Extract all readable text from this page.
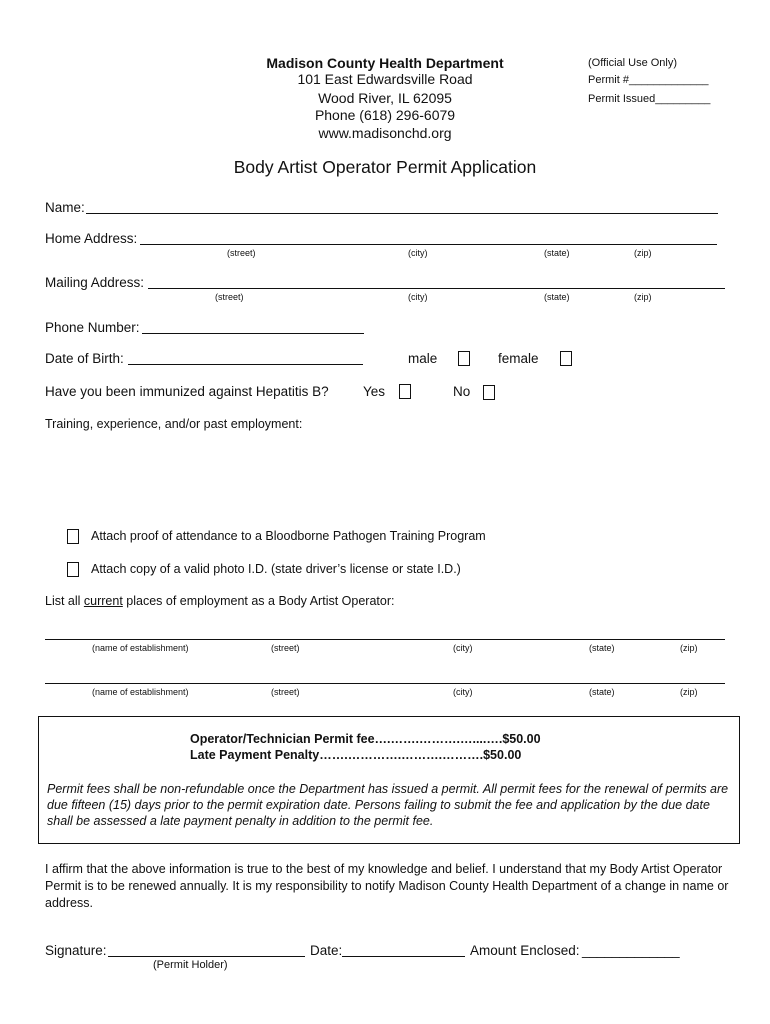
Madison County Health Department
101 East Edwardsville Road
Wood River, IL 62095
Phone (618) 296-6079
www.madisonchd.org
(Official Use Only)
Permit #_____________
Permit Issued_________
Body Artist Operator Permit Application
Name:
Home Address:
(street)	(city)	(state)	(zip)
Mailing Address:
(street)	(city)	(state)	(zip)
Phone Number:
Date of Birth:	male	female
Have you been immunized against Hepatitis B?	Yes	No
Training, experience, and/or past employment:
Attach proof of attendance to a Bloodborne Pathogen Training Program
Attach copy of a valid photo I.D. (state driver’s license or state I.D.)
List all current places of employment as a Body Artist Operator:
(name of establishment)	(street)	(city)	(state)	(zip)
(name of establishment)	(street)	(city)	(state)	(zip)
Operator/Technician Permit fee….…….……….…....….$50.00
Late Payment Penalty…….………….……….……….$50.00
Permit fees shall be non-refundable once the Department has issued a permit. All permit fees for the renewal of permits are due fifteen (15) days prior to the permit expiration date. Persons failing to submit the fee and application by the due date shall be assessed a late payment penalty in addition to the permit fee.
I affirm that the above information is true to the best of my knowledge and belief. I understand that my Body Artist Operator Permit is to be renewed annually. It is my responsibility to notify Madison County Health Department of a change in name or address.
Signature:
(Permit Holder)
Date:	Amount Enclosed: _____________
